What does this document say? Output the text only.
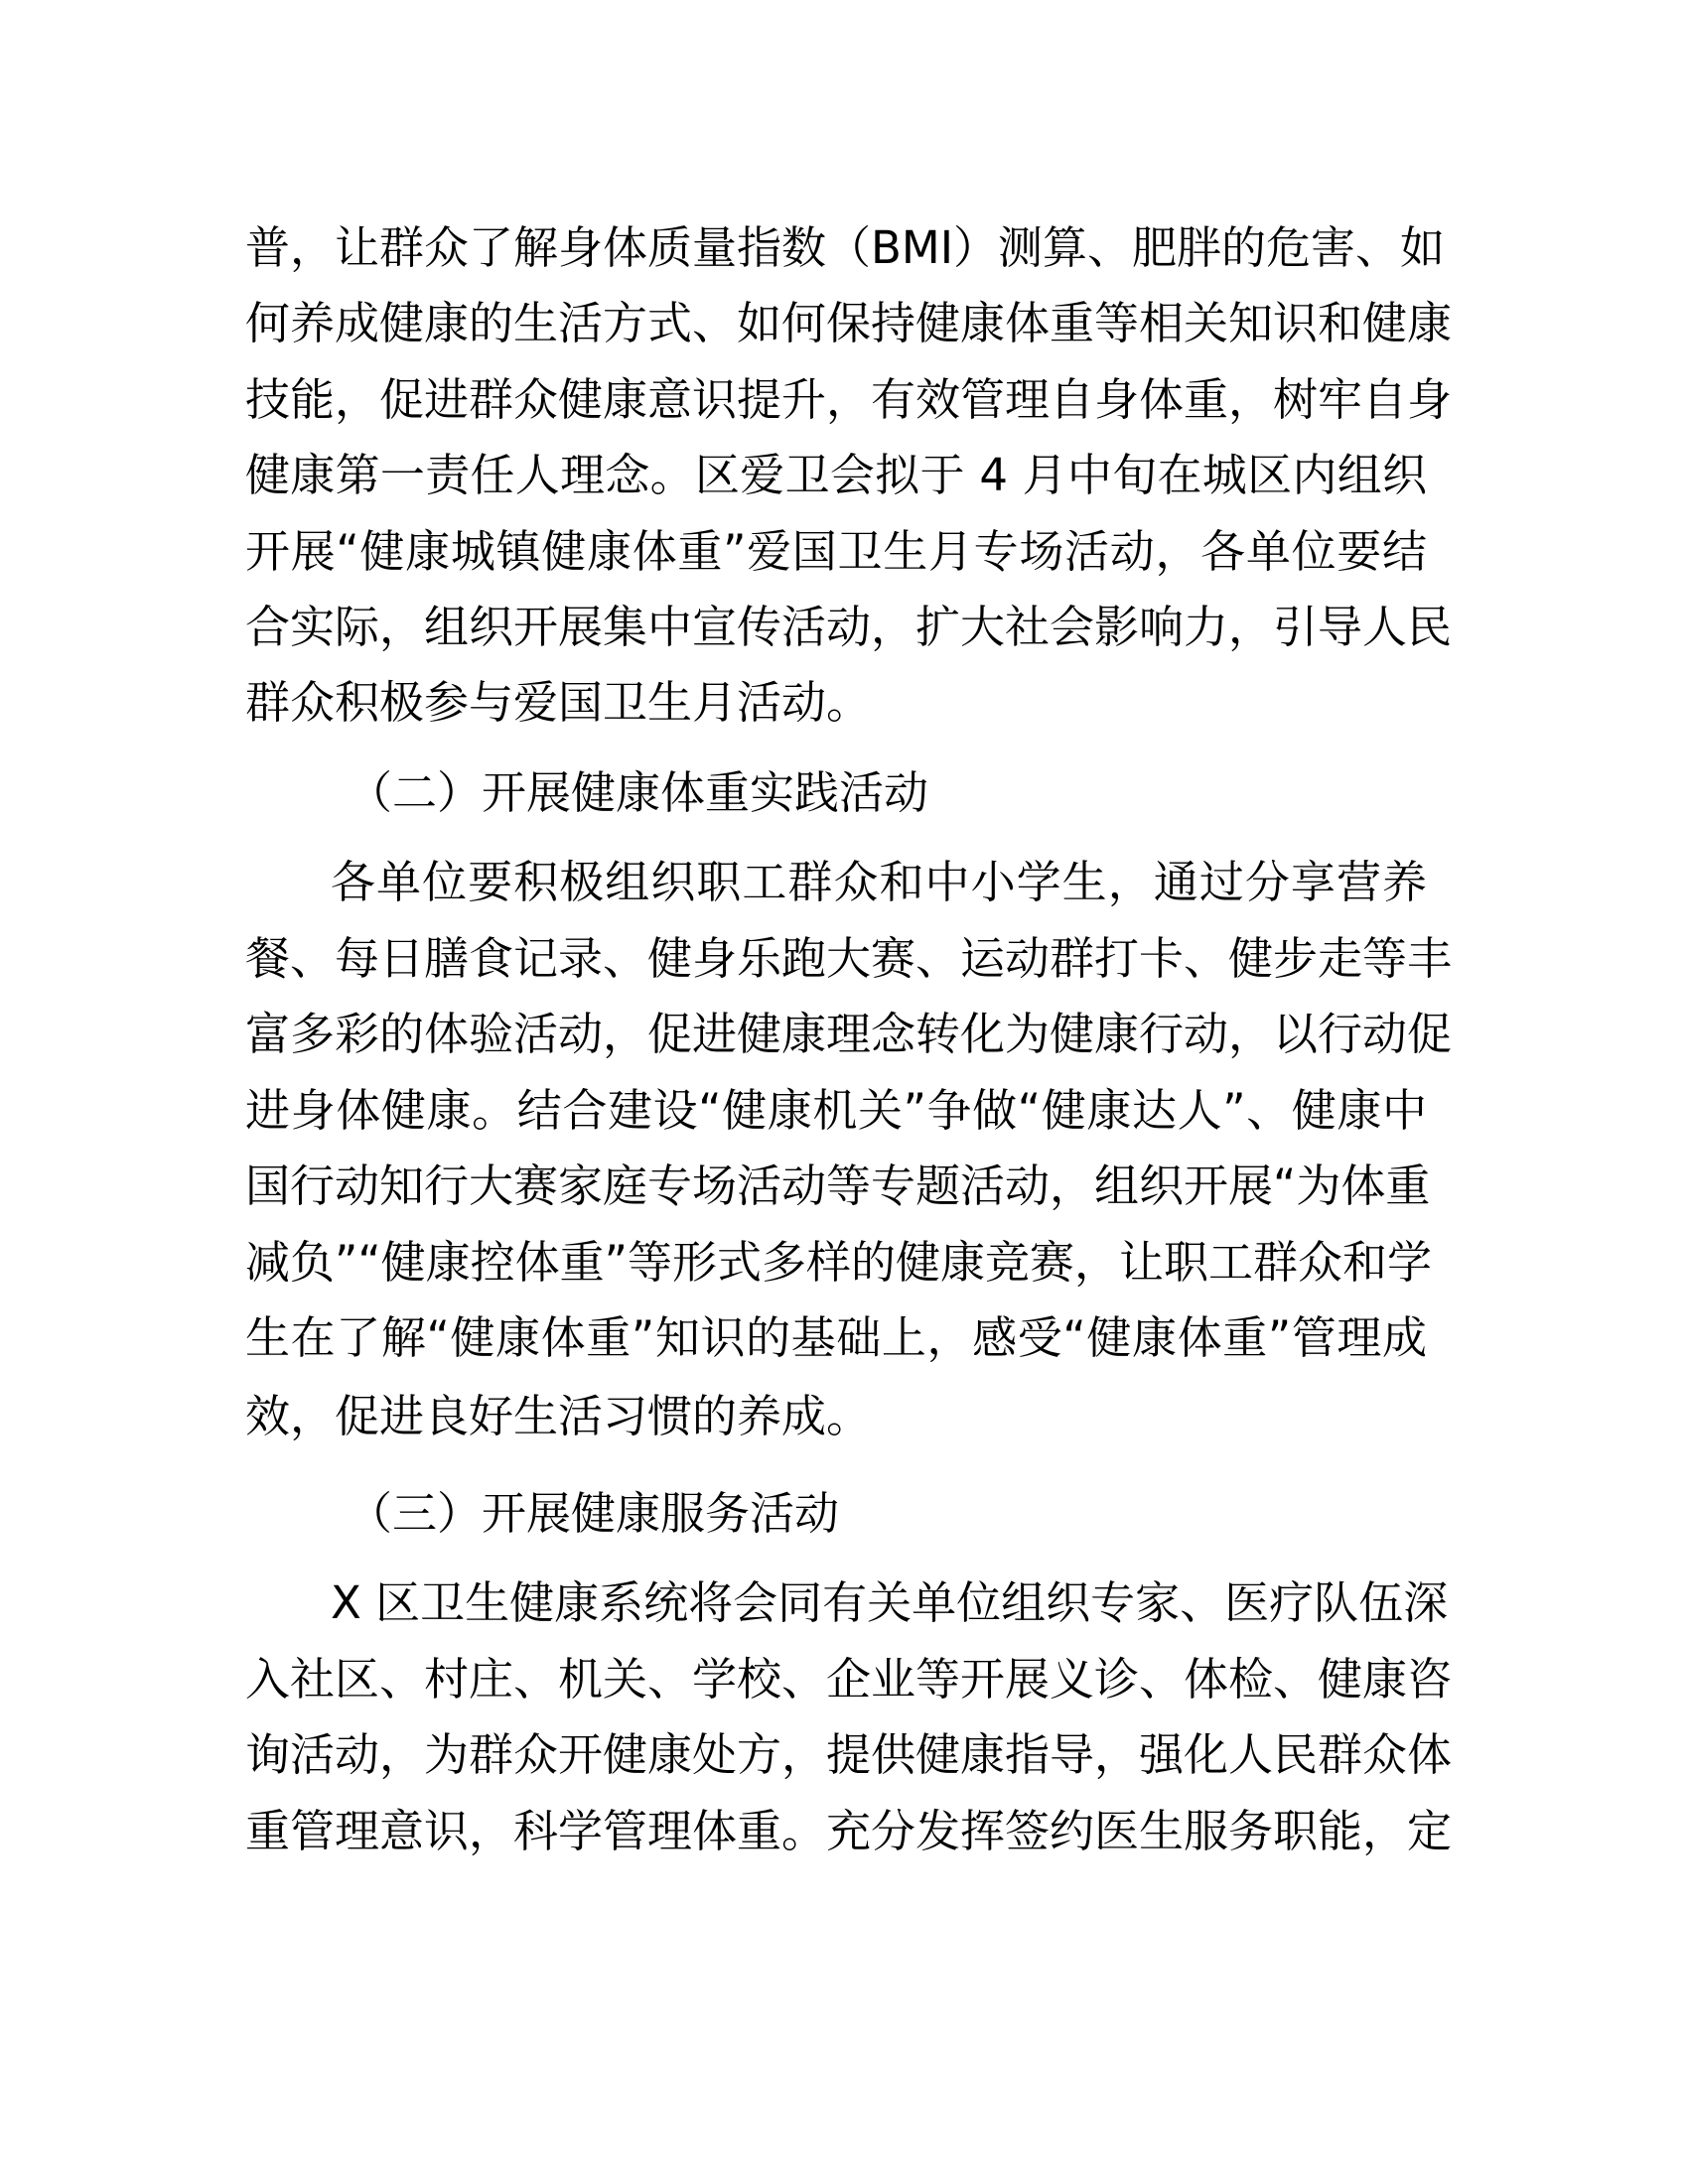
普，让群众了解身体质量指数（BMI）测算、肥胖的危害、如
何养成健康的生活方式、如何保持健康体重等相关知识和健康
技能，促进群众健康意识提升，有效管理自身体重，树牢自身
健康第一责任人理念。区爱卫会拟于 4 月中旬在城区内组织
开展“健康城镇健康体重”爱国卫生月专场活动，各单位要结
合实际，组织开展集中宣传活动，扩大社会影响力，引导人民
群众积极参与爱国卫生月活动。
（二）开展健康体重实践活动
各单位要积极组织职工群众和中小学生，通过分享营养
餐、每日膳食记录、健身乐跑大赛、运动群打卡、健步走等丰
富多彩的体验活动，促进健康理念转化为健康行动，以行动促
进身体健康。结合建设“健康机关”争做“健康达人”、健康中
国行动知行大赛家庭专场活动等专题活动，组织开展“为体重
减负”“健康控体重”等形式多样的健康竞赛，让职工群众和学
生在了解“健康体重”知识的基础上，感受“健康体重”管理成
效，促进良好生活习惯的养成。
（三）开展健康服务活动
X 区卫生健康系统将会同有关单位组织专家、医疗队伍深
入社区、村庄、机关、学校、企业等开展义诊、体检、健康咨
询活动，为群众开健康处方，提供健康指导，强化人民群众体
重管理意识，科学管理体重。充分发挥签约医生服务职能，定
